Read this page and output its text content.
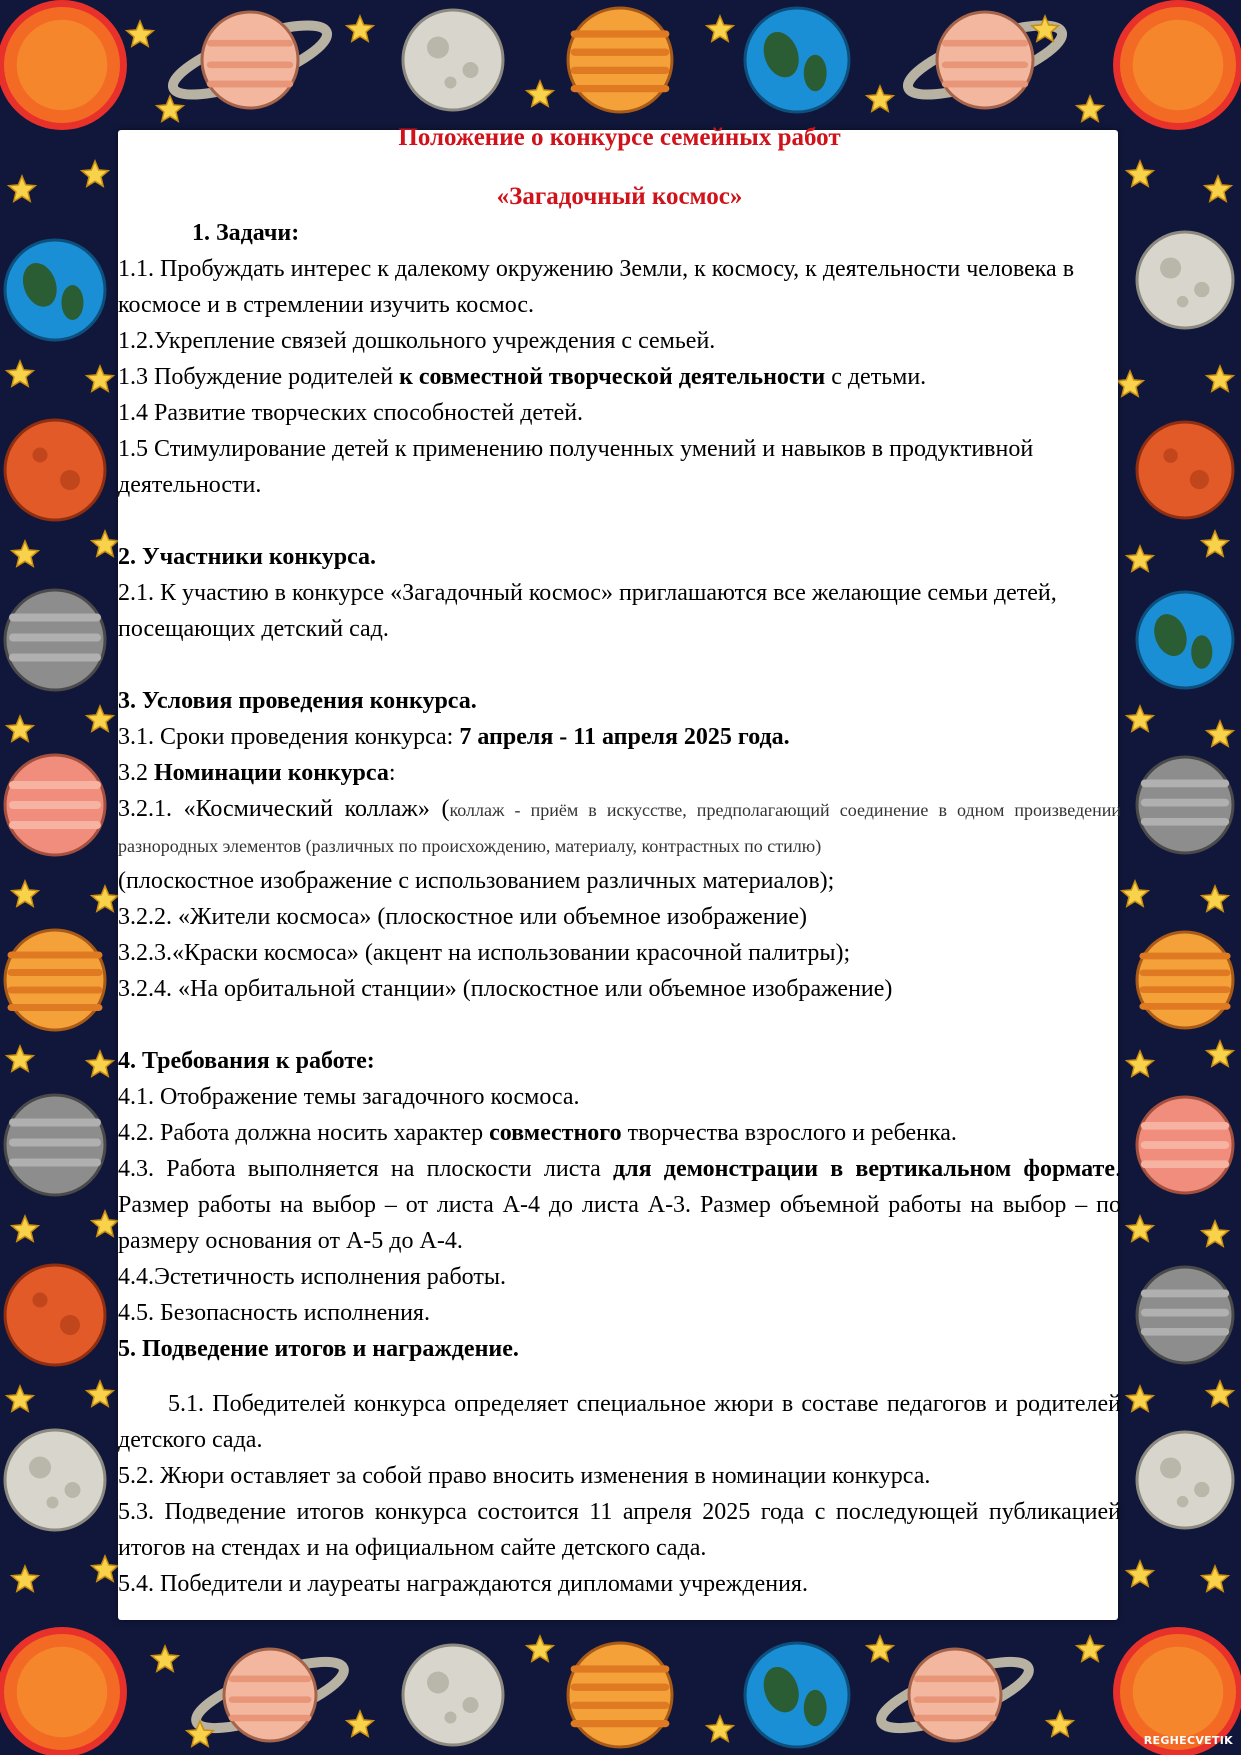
Положение о конкурсе семейных работ

«Загадочный космос»

1. Задачи:

1.1. Пробуждать интерес к далекому окружению Земли, к космосу, к деятельности человека в космосе и в стремлении изучить космос.

1.2.Укрепление связей дошкольного учреждения с семьей.

1.3 Побуждение родителей к совместной творческой деятельности с детьми.

1.4 Развитие творческих способностей детей.

1.5 Стимулирование детей к применению полученных умений и навыков в продуктивной деятельности.

2. Участники конкурса.

2.1. К участию в конкурсе «Загадочный космос» приглашаются все желающие семьи детей, посещающих детский сад.

3. Условия проведения конкурса.

3.1. Сроки проведения конкурса: 7 апреля - 11 апреля 2025 года.

3.2 Номинации конкурса:

3.2.1. «Космический коллаж» (коллаж - приём в искусстве, предполагающий соединение в одном произведении разнородных элементов (различных по происхождению, материалу, контрастных по стилю)

(плоскостное изображение с использованием различных материалов);

3.2.2. «Жители космоса» (плоскостное или объемное изображение)

3.2.3.«Краски космоса» (акцент на использовании красочной палитры);

3.2.4. «На орбитальной станции» (плоскостное или объемное изображение)

4. Требования к работе:

4.1. Отображение темы загадочного космоса.

4.2. Работа должна носить характер совместного творчества взрослого и ребенка.

4.3. Работа выполняется на плоскости листа для демонстрации в вертикальном формате. Размер работы на выбор – от листа А-4 до листа А-3. Размер объемной работы на выбор – по размеру основания от А-5 до А-4.

4.4.Эстетичность исполнения работы.

4.5. Безопасность исполнения.

5. Подведение итогов и награждение.

5.1. Победителей конкурса определяет специальное жюри в составе педагогов и родителей детского сада.

5.2. Жюри оставляет за собой право вносить изменения в номинации конкурса.

5.3. Подведение итогов конкурса состоится 11 апреля 2025 года с последующей публикацией итогов на стендах и на официальном сайте детского сада.

5.4. Победители и лауреаты награждаются дипломами учреждения.

REGHECVETIK
